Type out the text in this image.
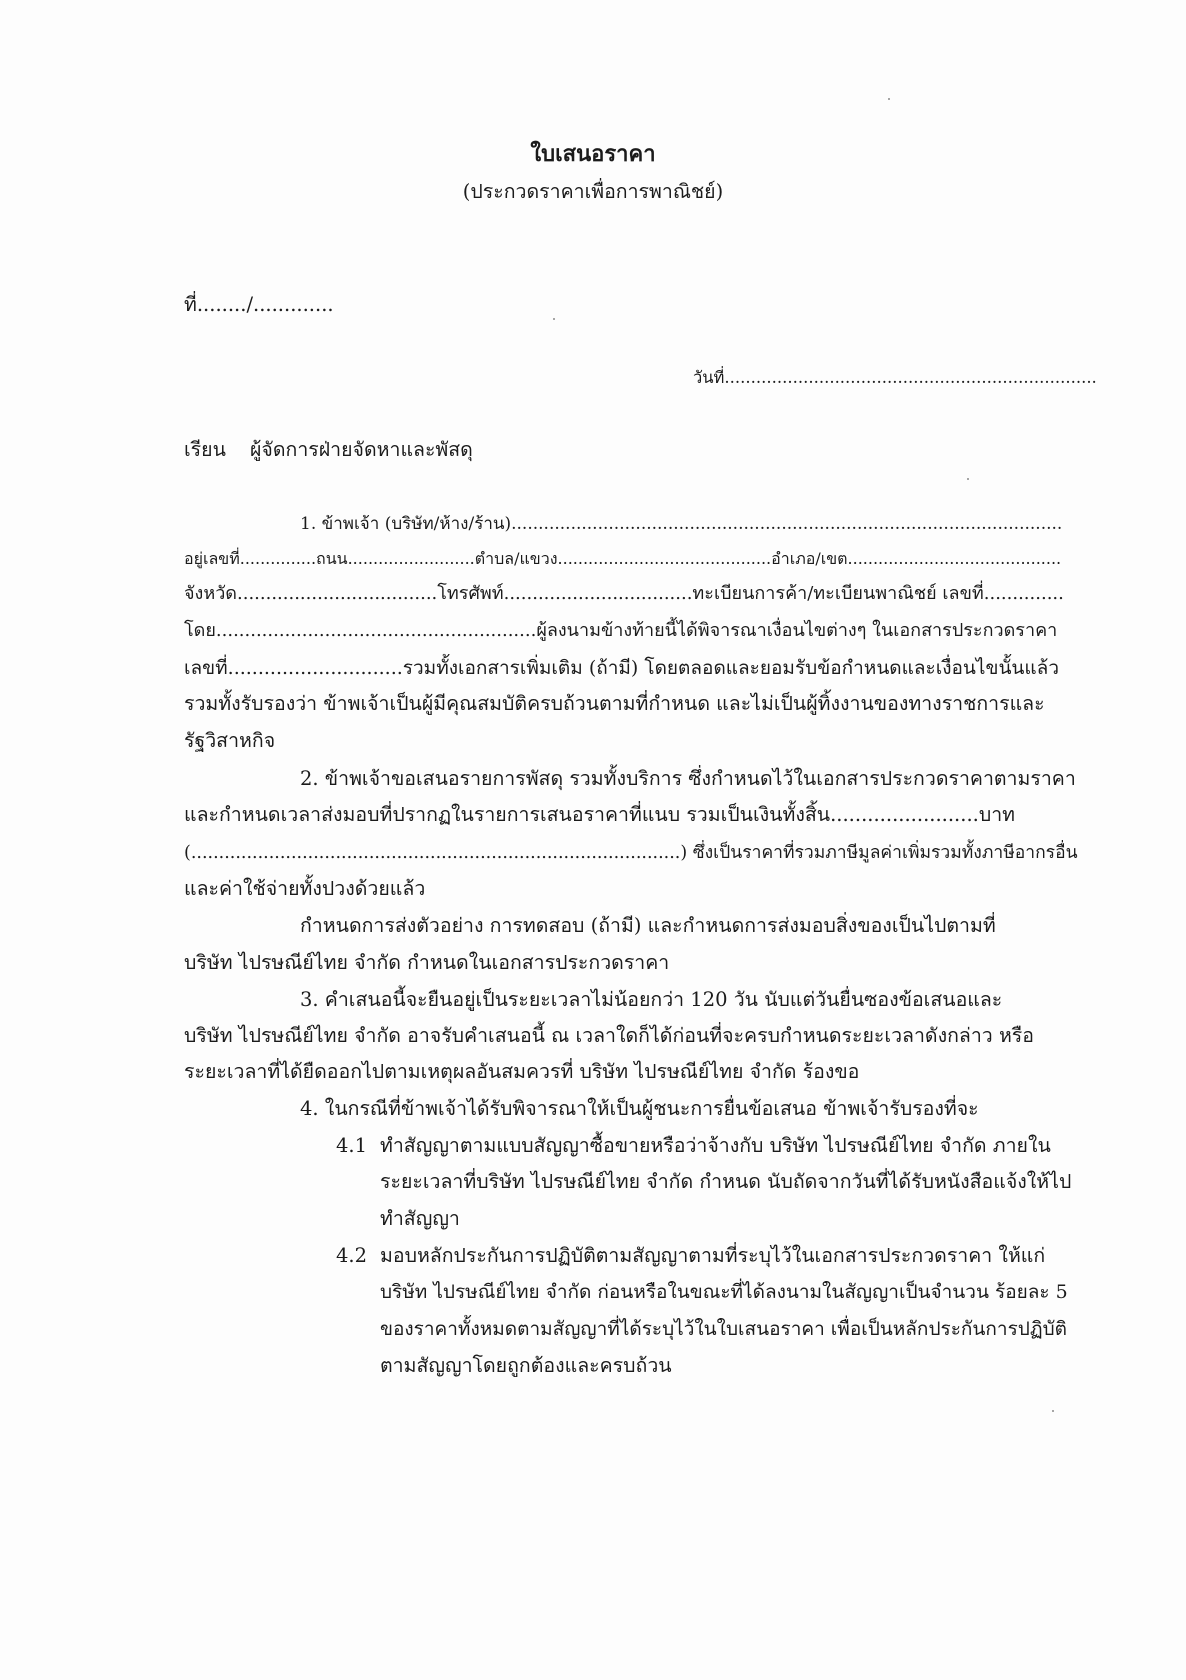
ใบเสนอราคา
(ประกวดราคาเพื่อการพาณิชย์)
ที่......../.............
วันที่.......................................................................
เรียน ผู้จัดการฝ่ายจัดหาและพัสดุ
1. ข้าพเจ้า (บริษัท/ห้าง/ร้าน)......................................................................................................
อยู่เลขที่...............ถนน.........................ตำบล/แขวง..........................................อำเภอ/เขต..........................................
จังหวัด...................................โทรศัพท์.................................ทะเบียนการค้า/ทะเบียนพาณิชย์ เลขที่..............
โดย........................................................ผู้ลงนามข้างท้ายนี้ได้พิจารณาเงื่อนไขต่างๆ ในเอกสารประกวดราคา
เลขที่.............................รวมทั้งเอกสารเพิ่มเติม (ถ้ามี) โดยตลอดและยอมรับข้อกำหนดและเงื่อนไขนั้นแล้ว
รวมทั้งรับรองว่า ข้าพเจ้าเป็นผู้มีคุณสมบัติครบถ้วนตามที่กำหนด และไม่เป็นผู้ทิ้งงานของทางราชการและ
รัฐวิสาหกิจ
2. ข้าพเจ้าขอเสนอรายการพัสดุ รวมทั้งบริการ ซึ่งกำหนดไว้ในเอกสารประกวดราคาตามราคา
และกำหนดเวลาส่งมอบที่ปรากฏในรายการเสนอราคาที่แนบ รวมเป็นเงินทั้งสิ้น........................บาท
(........................................................................................) ซึ่งเป็นราคาที่รวมภาษีมูลค่าเพิ่มรวมทั้งภาษีอากรอื่น
และค่าใช้จ่ายทั้งปวงด้วยแล้ว
กำหนดการส่งตัวอย่าง การทดสอบ (ถ้ามี) และกำหนดการส่งมอบสิ่งของเป็นไปตามที่
บริษัท ไปรษณีย์ไทย จำกัด กำหนดในเอกสารประกวดราคา
3. คำเสนอนี้จะยืนอยู่เป็นระยะเวลาไม่น้อยกว่า 120 วัน นับแต่วันยื่นซองข้อเสนอและ
บริษัท ไปรษณีย์ไทย จำกัด อาจรับคำเสนอนี้ ณ เวลาใดก็ได้ก่อนที่จะครบกำหนดระยะเวลาดังกล่าว หรือ
ระยะเวลาที่ได้ยืดออกไปตามเหตุผลอันสมควรที่ บริษัท ไปรษณีย์ไทย จำกัด ร้องขอ
4. ในกรณีที่ข้าพเจ้าได้รับพิจารณาให้เป็นผู้ชนะการยื่นข้อเสนอ ข้าพเจ้ารับรองที่จะ
4.1 ทำสัญญาตามแบบสัญญาซื้อขายหรือว่าจ้างกับ บริษัท ไปรษณีย์ไทย จำกัด ภายใน
ระยะเวลาที่บริษัท ไปรษณีย์ไทย จำกัด กำหนด นับถัดจากวันที่ได้รับหนังสือแจ้งให้ไป
ทำสัญญา
4.2 มอบหลักประกันการปฏิบัติตามสัญญาตามที่ระบุไว้ในเอกสารประกวดราคา ให้แก่
บริษัท ไปรษณีย์ไทย จำกัด ก่อนหรือในขณะที่ได้ลงนามในสัญญาเป็นจำนวน ร้อยละ 5
ของราคาทั้งหมดตามสัญญาที่ได้ระบุไว้ในใบเสนอราคา เพื่อเป็นหลักประกันการปฏิบัติ
ตามสัญญาโดยถูกต้องและครบถ้วน
